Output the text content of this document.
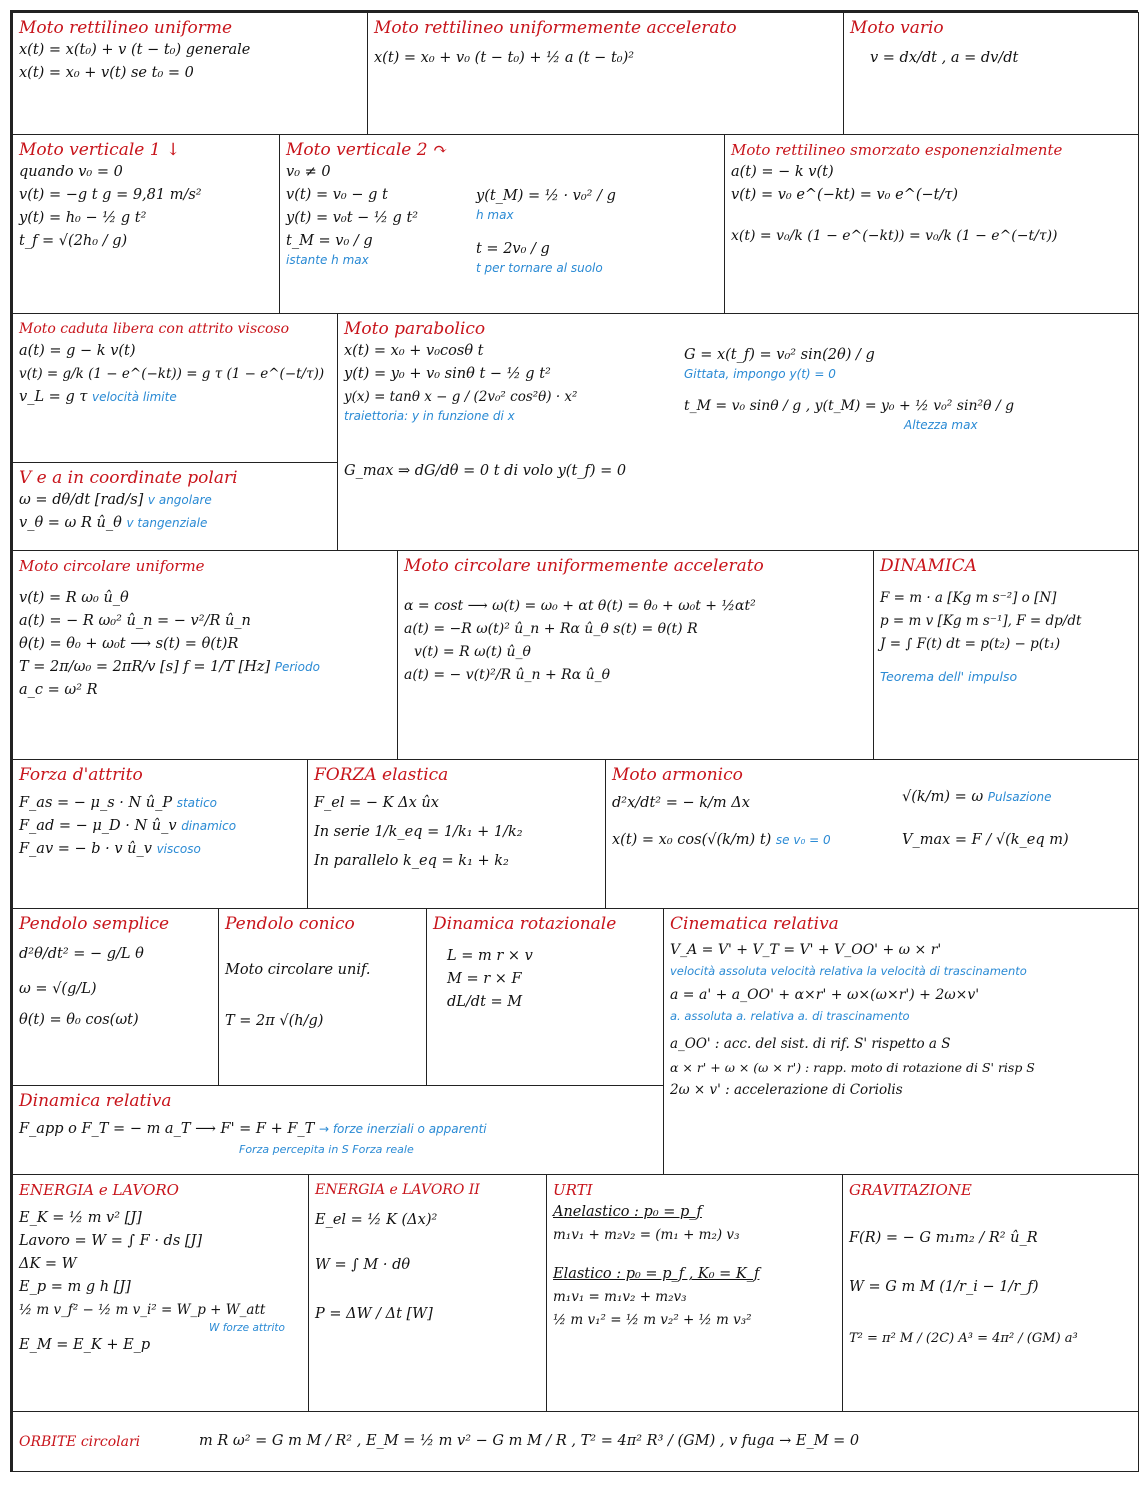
Moto rettilineo uniforme
x(t) = x(t₀) + v (t − t₀) generale
x(t) = x₀ + v(t) se t₀ = 0
Moto rettilineo uniformemente accelerato
x(t) = x₀ + v₀ (t − t₀) + ½ a (t − t₀)²
Moto vario
v = dx/dt , a = dv/dt
Moto verticale 1 ↓
quando v₀ = 0
v(t) = −g t g = 9,81 m/s²
y(t) = h₀ − ½ g t²
t_f = √(2h₀ / g)
Moto verticale 2 ↷
v₀ ≠ 0
v(t) = v₀ − g t
y(t) = v₀t − ½ g t²
t_M = v₀ / g
istante h max
y(t_M) = ½ · v₀² / g
h max
t = 2v₀ / g
t per tornare al suolo
Moto rettilineo smorzato esponenzialmente
a(t) = − k v(t)
v(t) = v₀ e^(−kt) = v₀ e^(−t/τ)
x(t) = v₀/k (1 − e^(−kt)) = v₀/k (1 − e^(−t/τ))
Moto caduta libera con attrito viscoso
a(t) = g − k v(t)
v(t) = g/k (1 − e^(−kt)) = g τ (1 − e^(−t/τ))
v_L = g τ velocità limite
V e a in coordinate polari
ω = dθ/dt [rad/s] v angolare
v_θ = ω R û_θ v tangenziale
Moto parabolico
x(t) = x₀ + v₀cosθ t
y(t) = y₀ + v₀ sinθ t − ½ g t²
y(x) = tanθ x − g / (2v₀² cos²θ) · x²
traiettoria: y in funzione di x
G = x(t_f) = v₀² sin(2θ) / g
Gittata, impongo y(t) = 0
t_M = v₀ sinθ / g , y(t_M) = y₀ + ½ v₀² sin²θ / g
Altezza max
G_max ⇒ dG/dθ = 0 t di volo y(t_f) = 0
Moto circolare uniforme
v(t) = R ω₀ û_θ
a(t) = − R ω₀² û_n = − v²/R û_n
θ(t) = θ₀ + ω₀t ⟶ s(t) = θ(t)R
T = 2π/ω₀ = 2πR/v [s] f = 1/T [Hz] Periodo
a_c = ω² R
Moto circolare uniformemente accelerato
α = cost ⟶ ω(t) = ω₀ + αt θ(t) = θ₀ + ω₀t + ½αt²
a(t) = −R ω(t)² û_n + Rα û_θ s(t) = θ(t) R
v(t) = R ω(t) û_θ
a(t) = − v(t)²/R û_n + Rα û_θ
DINAMICA
F = m · a [Kg m s⁻²] o [N]
p = m v [Kg m s⁻¹], F = dp/dt
J = ∫ F(t) dt = p(t₂) − p(t₁)
Teorema dell' impulso
Forza d'attrito
F_as = − μ_s · N û_P statico
F_ad = − μ_D · N û_v dinamico
F_av = − b · v û_v viscoso
FORZA elastica
F_el = − K Δx ûx
In serie 1/k_eq = 1/k₁ + 1/k₂
In parallelo k_eq = k₁ + k₂
Moto armonico
d²x/dt² = − k/m Δx
x(t) = x₀ cos(√(k/m) t) se v₀ = 0
√(k/m) = ω Pulsazione
V_max = F / √(k_eq m)
Pendolo semplice
d²θ/dt² = − g/L θ
ω = √(g/L)
θ(t) = θ₀ cos(ωt)
Pendolo conico
Moto circolare unif.
T = 2π √(h/g)
Dinamica rotazionale
L = m r × v
M = r × F
dL/dt = M
Cinematica relativa
V_A = V' + V_T = V' + V_OO' + ω × r'
velocità assoluta velocità relativa la velocità di trascinamento
a = a' + a_OO' + α×r' + ω×(ω×r') + 2ω×v'
a. assoluta a. relativa a. di trascinamento
a_OO' : acc. del sist. di rif. S' rispetto a S
α × r' + ω × (ω × r') : rapp. moto di rotazione di S' risp S
2ω × v' : accelerazione di Coriolis
Dinamica relativa
F_app o F_T = − m a_T ⟶ F' = F + F_T → forze inerziali o apparenti
Forza percepita in S Forza reale
ENERGIA e LAVORO
E_K = ½ m v² [J]
Lavoro = W = ∫ F · ds [J]
ΔK = W
E_p = m g h [J]
½ m v_f² − ½ m v_i² = W_p + W_att
W forze attrito
E_M = E_K + E_p
ENERGIA e LAVORO II
E_el = ½ K (Δx)²
W = ∫ M · dθ
P = ΔW / Δt [W]
URTI
Anelastico : p₀ = p_f
m₁v₁ + m₂v₂ = (m₁ + m₂) v₃
Elastico : p₀ = p_f , K₀ = K_f
m₁v₁ = m₁v₂ + m₂v₃
½ m v₁² = ½ m v₂² + ½ m v₃²
GRAVITAZIONE
F(R) = − G m₁m₂ / R² û_R
W = G m M (1/r_i − 1/r_f)
T² = π² M / (2C) A³ = 4π² / (GM) a³
ORBITE circolari	m R ω² = G m M / R² , E_M = ½ m v² − G m M / R , T² = 4π² R³ / (GM) , v fuga → E_M = 0
